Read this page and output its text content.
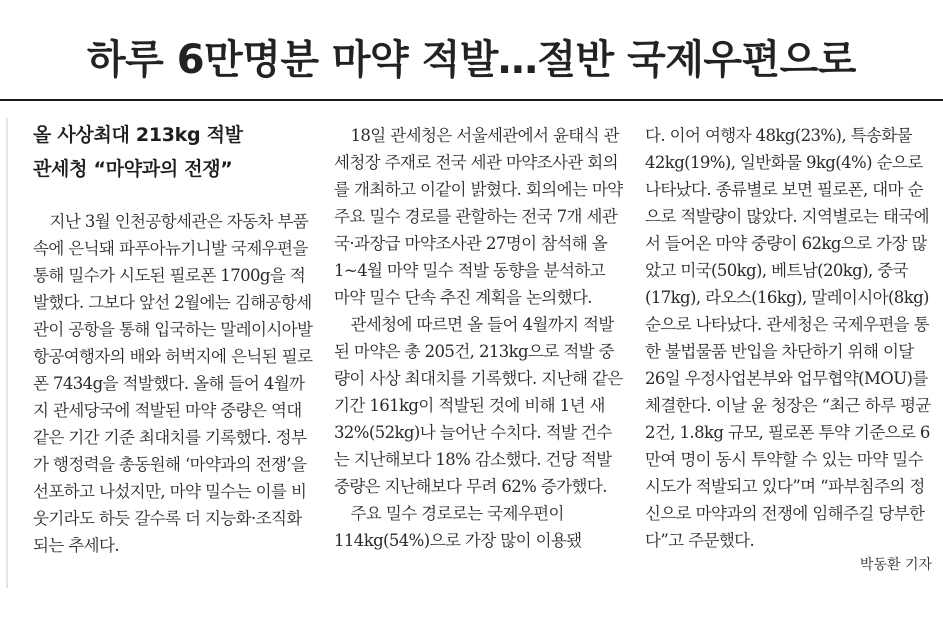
하루 6만명분 마약 적발…절반 국제우편으로
올 사상최대 213kg 적발
관세청 “마약과의 전쟁”

지난 3월 인천공항세관은 자동차 부품 속에 은닉돼 파푸아뉴기니발 국제우편을 통해 밀수가 시도된 필로폰 1700g을 적발했다. 그보다 앞선 2월에는 김해공항세관이 공항을 통해 입국하는 말레이시아발 항공여행자의 배와 허벅지에 은닉된 필로폰 7434g을 적발했다. 올해 들어 4월까지 관세당국에 적발된 마약 중량은 역대 같은 기간 기준 최대치를 기록했다. 정부가 행정력을 총동원해 ‘마약과의 전쟁’을 선포하고 나섰지만, 마약 밀수는 이를 비웃기라도 하듯 갈수록 더 지능화·조직화되는 추세다.

18일 관세청은 서울세관에서 윤태식 관세청장 주재로 전국 세관 마약조사관 회의를 개최하고 이같이 밝혔다. 회의에는 마약 주요 밀수 경로를 관할하는 전국 7개 세관 국·과장급 마약조사관 27명이 참석해 올 1~4월 마약 밀수 적발 동향을 분석하고 마약 밀수 단속 추진 계획을 논의했다.

관세청에 따르면 올 들어 4월까지 적발된 마약은 총 205건, 213kg으로 적발 중량이 사상 최대치를 기록했다. 지난해 같은 기간 161kg이 적발된 것에 비해 1년 새 32%(52kg)나 늘어난 수치다. 적발 건수는 지난해보다 18% 감소했다. 건당 적발 중량은 지난해보다 무려 62% 증가했다.

주요 밀수 경로로는 국제우편이 114kg(54%)으로 가장 많이 이용됐

다. 이어 여행자 48kg(23%), 특송화물 42kg(19%), 일반화물 9kg(4%) 순으로 나타났다. 종류별로 보면 필로폰, 대마 순으로 적발량이 많았다. 지역별로는 태국에서 들어온 마약 중량이 62kg으로 가장 많았고 미국(50kg), 베트남(20kg), 중국(17kg), 라오스(16kg), 말레이시아(8kg) 순으로 나타났다. 관세청은 국제우편을 통한 불법물품 반입을 차단하기 위해 이달 26일 우정사업본부와 업무협약(MOU)를 체결한다. 이날 윤 청장은 “최근 하루 평균 2건, 1.8kg 규모, 필로폰 투약 기준으로 6만여 명이 동시 투약할 수 있는 마약 밀수 시도가 적발되고 있다”며 “파부침주의 정신으로 마약과의 전쟁에 임해주길 당부한다”고 주문했다.

박동환 기자
